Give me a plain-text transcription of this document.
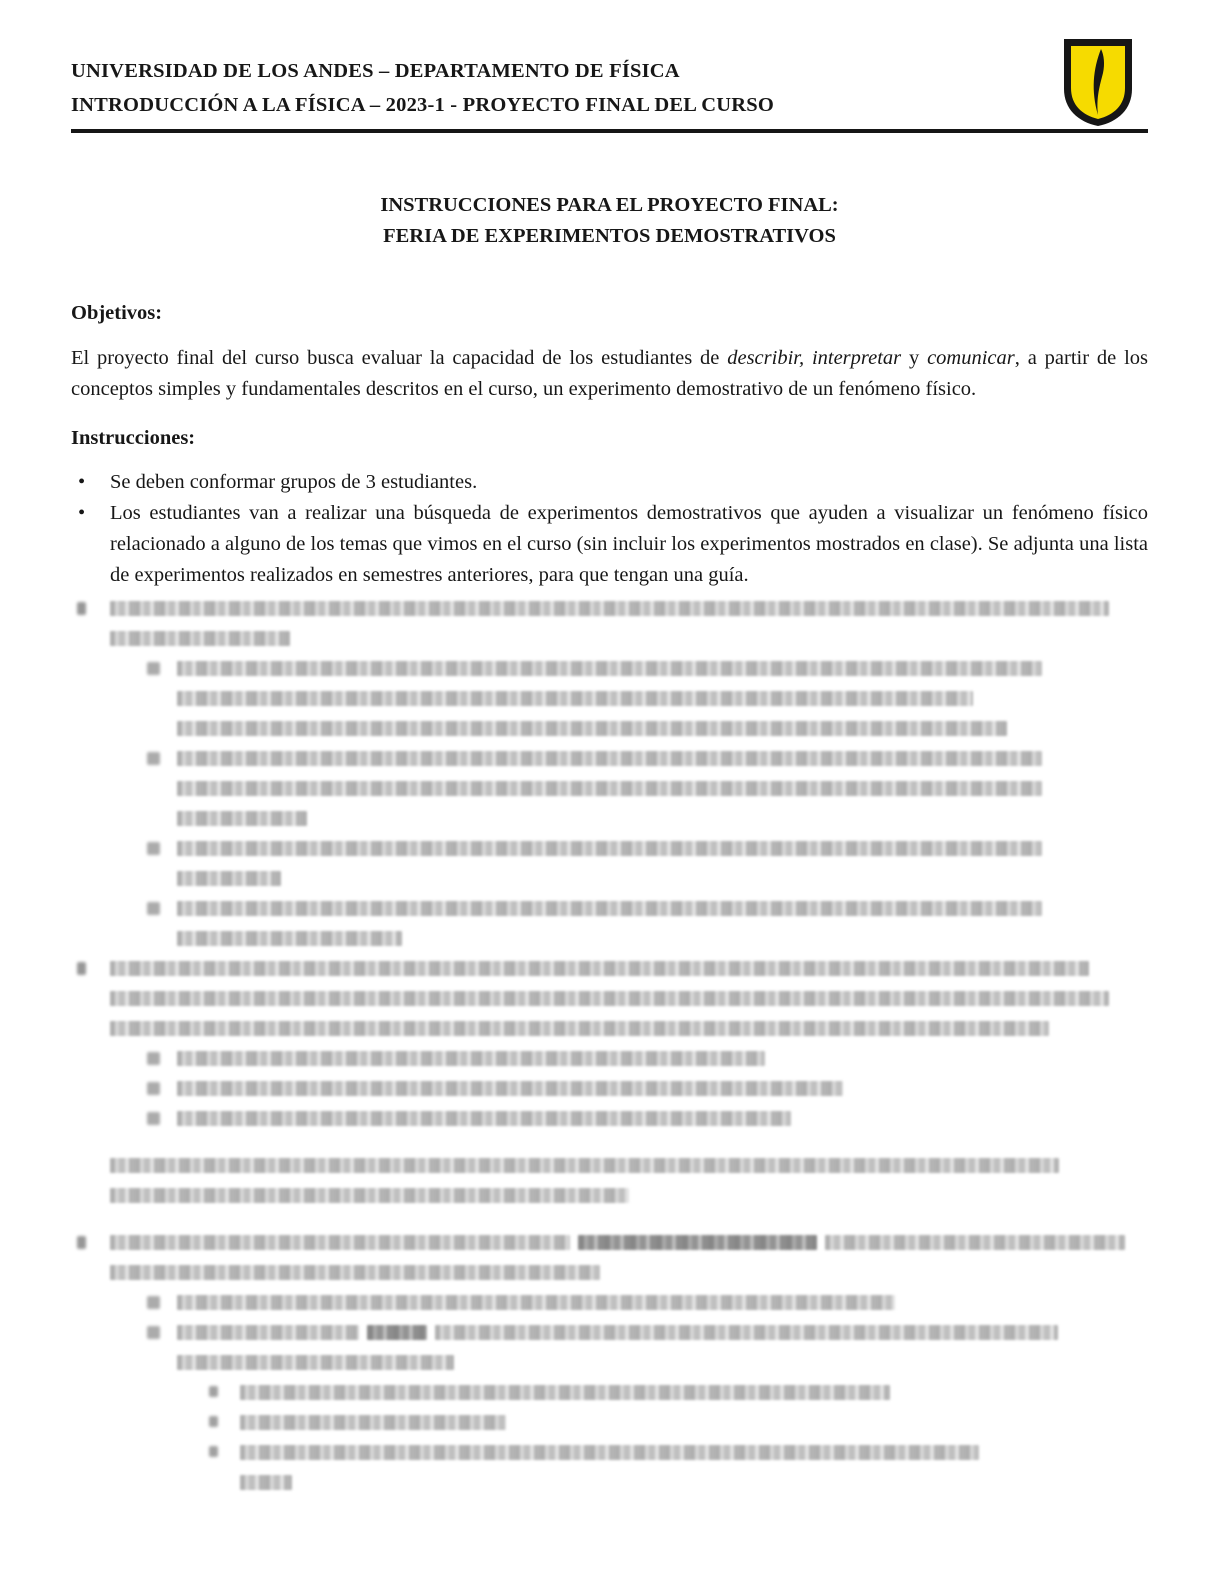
UNIVERSIDAD DE LOS ANDES – DEPARTAMENTO DE FÍSICA
INTRODUCCIÓN A LA FÍSICA – 2023-1 - PROYECTO FINAL DEL CURSO
INSTRUCCIONES PARA EL PROYECTO FINAL:
FERIA DE EXPERIMENTOS DEMOSTRATIVOS
Objetivos:

El proyecto final del curso busca evaluar la capacidad de los estudiantes de describir, interpretar y comunicar, a partir de los conceptos simples y fundamentales descritos en el curso, un experimento demostrativo de un fenómeno físico.

Instrucciones:
• Se deben conformar grupos de 3 estudiantes.
• Los estudiantes van a realizar una búsqueda de experimentos demostrativos que ayuden a visualizar un fenómeno físico relacionado a alguno de los temas que vimos en el curso (sin incluir los experimentos mostrados en clase). Se adjunta una lista de experimentos realizados en semestres anteriores, para que tengan una guía.
